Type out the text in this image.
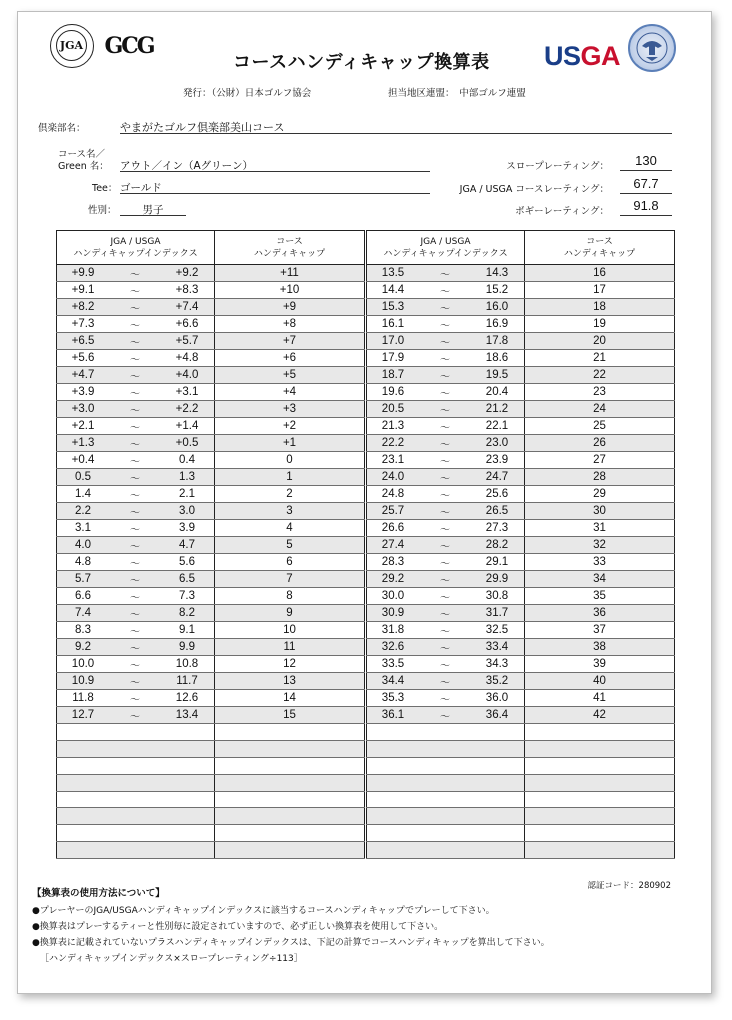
JGA GCG
コースハンディキャップ換算表 USGA
発行：（公財）日本ゴルフ協会	担当地区連盟：　中部ゴルフ連盟
倶楽部名：	やまがたゴルフ倶楽部美山コース
コース名／
Green 名： アウト／イン（Aグリーン）
Tee： ゴールド
性別：	男子
スロープレーティング：	130
JGA / USGA コースレーティング：	67.7
ボギーレーティング：	91.8
JGA / USGA
ハンディキャップインデックス	コース
ハンディキャップ

+9.9 ～ +9.2	+11

+9.1 ～ +8.3	+10

+8.2 ～ +7.4	+9

+7.3 ～ +6.6	+8

+6.5 ～ +5.7	+7

+5.6 ～ +4.8	+6

+4.7 ～ +4.0	+5

+3.9 ～ +3.1	+4

+3.0 ～ +2.2	+3

+2.1 ～ +1.4	+2

+1.3 ～ +0.5	+1

+0.4 ～ 0.4	0

0.5 ～ 1.3	1

1.4 ～ 2.1	2

2.2 ～ 3.0	3

3.1 ～ 3.9	4

4.0 ～ 4.7	5

4.8 ～ 5.6	6

5.7 ～ 6.5	7

6.6 ～ 7.3	8

7.4 ～ 8.2	9

8.3 ～ 9.1	10

9.2 ～ 9.9	11

10.0 ～ 10.8	12

10.9 ～ 11.7	13

11.8 ～ 12.6	14

12.7 ～ 13.4	15

JGA / USGA
ハンディキャップインデックス	コース
ハンディキャップ

13.5 ～ 14.3	16

14.4 ～ 15.2	17

15.3 ～ 16.0	18

16.1 ～ 16.9	19

17.0 ～ 17.8	20

17.9 ～ 18.6	21

18.7 ～ 19.5	22

19.6 ～ 20.4	23

20.5 ～ 21.2	24

21.3 ～ 22.1	25

22.2 ～ 23.0	26

23.1 ～ 23.9	27

24.0 ～ 24.7	28

24.8 ～ 25.6	29

25.7 ～ 26.5	30

26.6 ～ 27.3	31

27.4 ～ 28.2	32

28.3 ～ 29.1	33

29.2 ～ 29.9	34

30.0 ～ 30.8	35

30.9 ～ 31.7	36

31.8 ～ 32.5	37

32.6 ～ 33.4	38

33.5 ～ 34.3	39

34.4 ～ 35.2	40

35.3 ～ 36.0	41

36.1 ～ 36.4	42

認証コード：280902
【換算表の使用方法について】
●プレーヤーのJGA/USGAハンディキャップインデックスに該当するコースハンディキャップでプレーして下さい。
●換算表はプレーするティーと性別毎に設定されていますので、必ず正しい換算表を使用して下さい。
●換算表に記載されていないプラスハンディキャップインデックスは、下記の計算でコースハンディキャップを算出して下さい。
［ハンディキャップインデックス×スロープレーティング÷113］
